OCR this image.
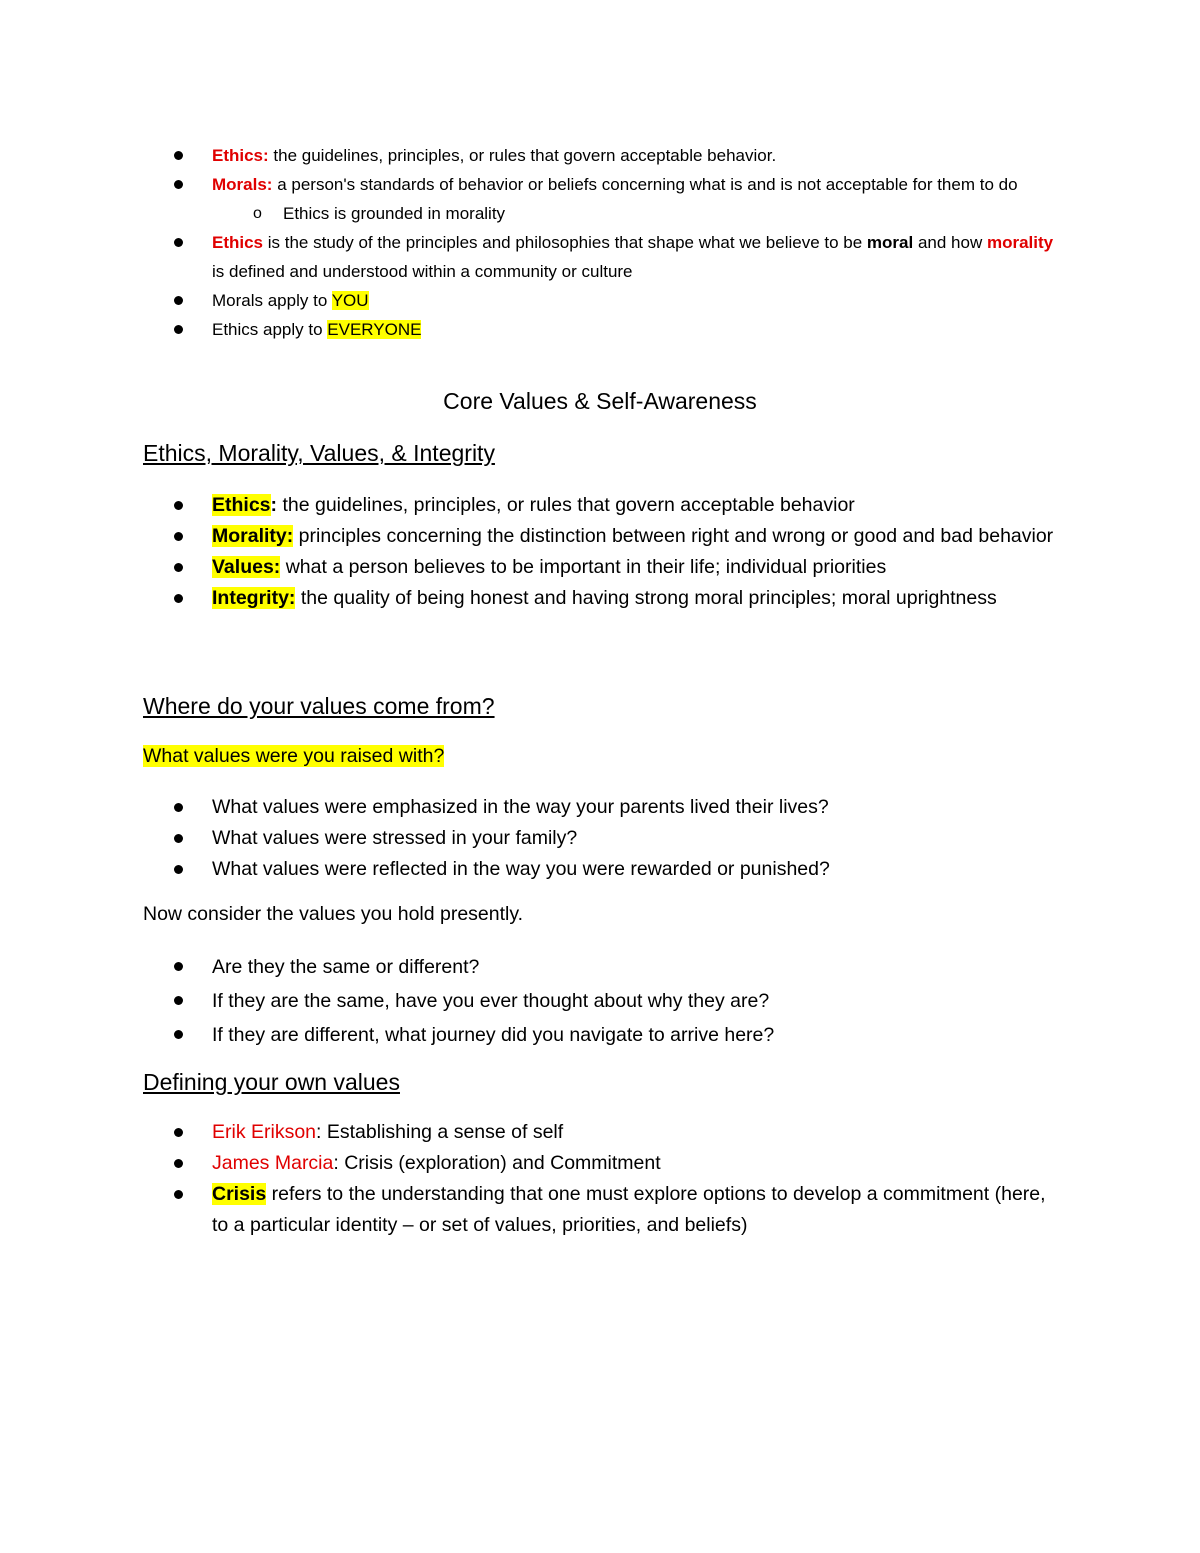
Ethics: the guidelines, principles, or rules that govern acceptable behavior.
Morals: a person's standards of behavior or beliefs concerning what is and is not acceptable for them to do
o Ethics is grounded in morality
Ethics is the study of the principles and philosophies that shape what we believe to be moral and how morality is defined and understood within a community or culture
Morals apply to YOU
Ethics apply to EVERYONE
Core Values & Self-Awareness
Ethics, Morality, Values, & Integrity
Ethics: the guidelines, principles, or rules that govern acceptable behavior
Morality: principles concerning the distinction between right and wrong or good and bad behavior
Values: what a person believes to be important in their life; individual priorities
Integrity: the quality of being honest and having strong moral principles; moral uprightness
Where do your values come from?
What values were you raised with?
What values were emphasized in the way your parents lived their lives?
What values were stressed in your family?
What values were reflected in the way you were rewarded or punished?
Now consider the values you hold presently.
Are they the same or different?
If they are the same, have you ever thought about why they are?
If they are different, what journey did you navigate to arrive here?
Defining your own values
Erik Erikson: Establishing a sense of self
James Marcia: Crisis (exploration) and Commitment
Crisis refers to the understanding that one must explore options to develop a commitment (here, to a particular identity – or set of values, priorities, and beliefs)
